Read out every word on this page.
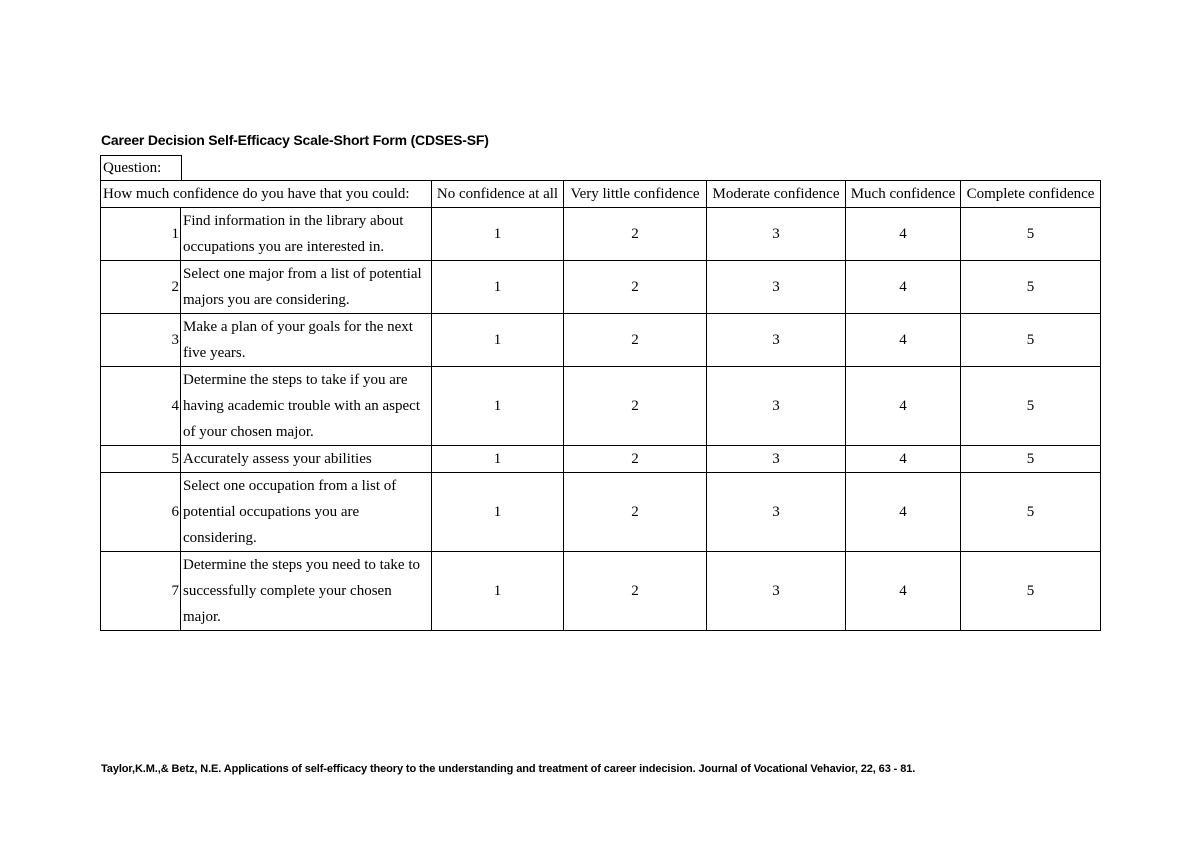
Career Decision Self-Efficacy Scale-Short Form (CDSES-SF)
Question:
How much confidence do you have that you could:		No confidence at all	Very little confidence	Moderate confidence	Much confidence	Complete confidence
1	Find information in the library about occupations you are interested in.	1	2	3	4	5
2	Select one major from a list of potential majors you are considering.	1	2	3	4	5
3	Make a plan of your goals for the next five years.	1	2	3	4	5
4	Determine the steps to take if you are having academic trouble with an aspect of your chosen major.	1	2	3	4	5
5	Accurately assess your abilities	1	2	3	4	5
6	Select one occupation from a list of potential occupations you are considering.	1	2	3	4	5
7	Determine the steps you need to take to successfully complete your chosen major.	1	2	3	4	5
Taylor,K.M.,& Betz, N.E. Applications of self-efficacy theory to the understanding and treatment of career indecision. Journal of Vocational Vehavior, 22, 63 - 81.
